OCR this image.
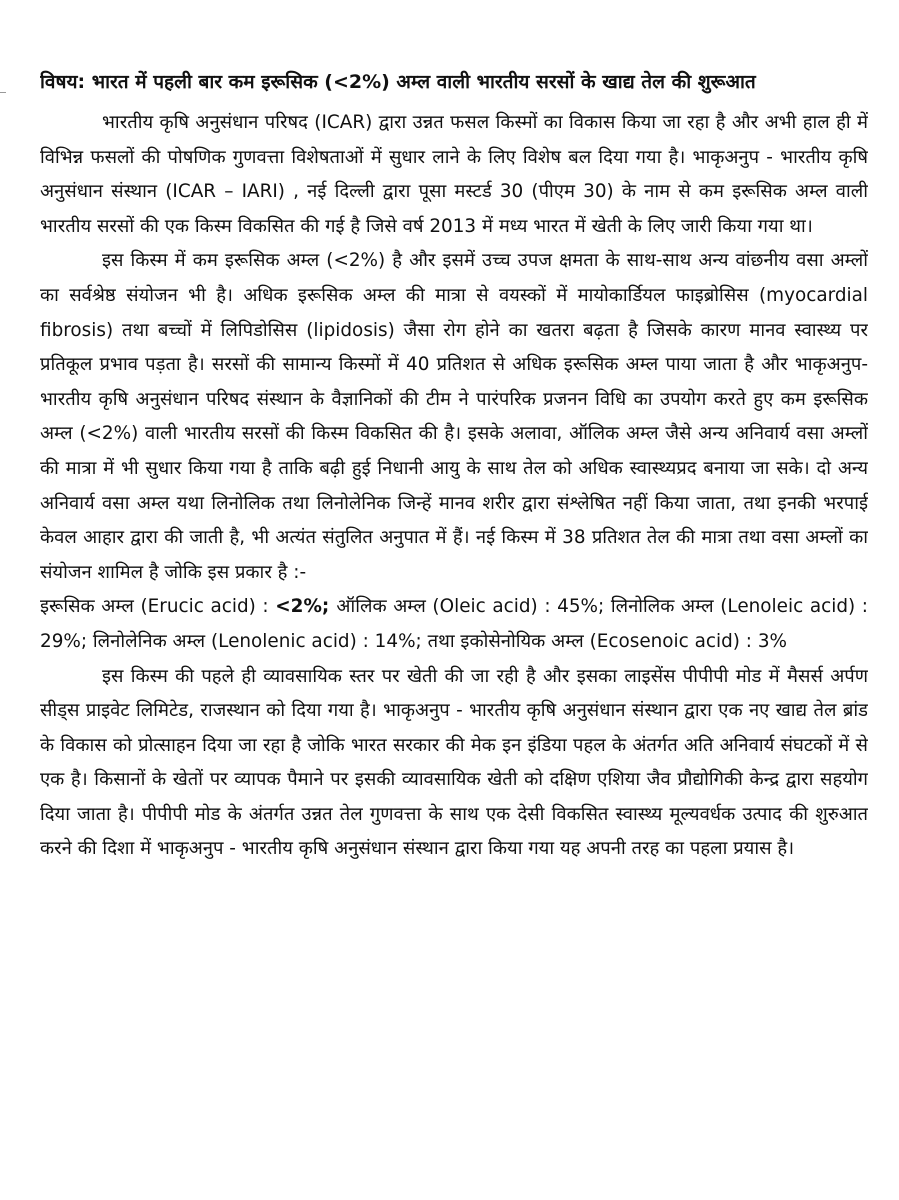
विषय: भारत में पहली बार कम इरूसिक (<2%) अम्ल वाली भारतीय सरसों के खाद्य तेल की शुरूआत

भारतीय कृषि अनुसंधान परिषद (ICAR) द्वारा उन्नत फसल किस्मों का विकास किया जा रहा है और अभी हाल ही में विभिन्न फसलों की पोषणिक गुणवत्ता विशेषताओं में सुधार लाने के लिए विशेष बल दिया गया है। भाकृअनुप - भारतीय कृषि अनुसंधान संस्थान (ICAR – IARI) , नई दिल्ली द्वारा पूसा मस्टर्ड 30 (पीएम 30) के नाम से कम इरूसिक अम्ल वाली भारतीय सरसों की एक किस्म विकसित की गई है जिसे वर्ष 2013 में मध्य भारत में खेती के लिए जारी किया गया था।

इस किस्म में कम इरूसिक अम्ल (<2%) है और इसमें उच्च उपज क्षमता के साथ-साथ अन्य वांछनीय वसा अम्लों का सर्वश्रेष्ठ संयोजन भी है। अधिक इरूसिक अम्ल की मात्रा से वयस्कों में मायोकार्डियल फाइब्रोसिस (myocardial fibrosis) तथा बच्चों में लिपिडोसिस (lipidosis) जैसा रोग होने का खतरा बढ़ता है जिसके कारण मानव स्वास्थ्य पर प्रतिकूल प्रभाव पड़ता है। सरसों की सामान्य किस्मों में 40 प्रतिशत से अधिक इरूसिक अम्ल पाया जाता है और भाकृअनुप-भारतीय कृषि अनुसंधान परिषद संस्थान के वैज्ञानिकों की टीम ने पारंपरिक प्रजनन विधि का उपयोग करते हुए कम इरूसिक अम्ल (<2%) वाली भारतीय सरसों की किस्म विकसित की है। इसके अलावा, ऑलिक अम्ल जैसे अन्य अनिवार्य वसा अम्लों की मात्रा में भी सुधार किया गया है ताकि बढ़ी हुई निधानी आयु के साथ तेल को अधिक स्वास्थ्यप्रद बनाया जा सके। दो अन्य अनिवार्य वसा अम्ल यथा लिनोलिक तथा लिनोलेनिक जिन्हें मानव शरीर द्वारा संश्लेषित नहीं किया जाता, तथा इनकी भरपाई केवल आहार द्वारा की जाती है, भी अत्यंत संतुलित अनुपात में हैं। नई किस्म में 38 प्रतिशत तेल की मात्रा तथा वसा अम्लों का संयोजन शामिल है जोकि इस प्रकार है :-

इरूसिक अम्ल (Erucic acid) : <2%; ऑलिक अम्ल (Oleic acid) : 45%; लिनोलिक अम्ल (Lenoleic acid) : 29%; लिनोलेनिक अम्ल (Lenolenic acid) : 14%; तथा इकोसेनोयिक अम्ल (Ecosenoic acid) : 3%

इस किस्म की पहले ही व्यावसायिक स्तर पर खेती की जा रही है और इसका लाइसेंस पीपीपी मोड में मैसर्स अर्पण सीड्स प्राइवेट लिमिटेड, राजस्थान को दिया गया है। भाकृअनुप - भारतीय कृषि अनुसंधान संस्थान द्वारा एक नए खाद्य तेल ब्रांड के विकास को प्रोत्साहन दिया जा रहा है जोकि भारत सरकार की मेक इन इंडिया पहल के अंतर्गत अति अनिवार्य संघटकों में से एक है। किसानों के खेतों पर व्यापक पैमाने पर इसकी व्यावसायिक खेती को दक्षिण एशिया जैव प्रौद्योगिकी केन्द्र द्वारा सहयोग दिया जाता है। पीपीपी मोड के अंतर्गत उन्नत तेल गुणवत्ता के साथ एक देसी विकसित स्वास्थ्य मूल्यवर्धक उत्पाद की शुरुआत करने की दिशा में भाकृअनुप - भारतीय कृषि अनुसंधान संस्थान द्वारा किया गया यह अपनी तरह का पहला प्रयास है।
